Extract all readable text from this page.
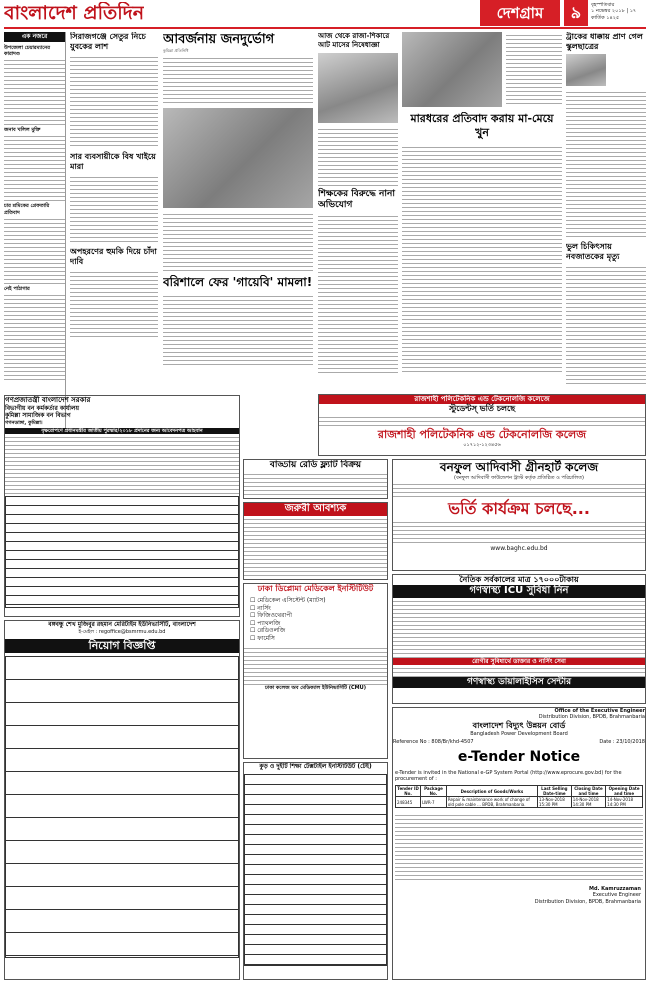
বাংলাদেশ প্রতিদিন	দেশগ্রাম	৯	বৃহস্পতিবার
১ নভেম্বর ২০১৮ | ১৭ কার্তিক ১৪২৫
এক নজরে
উপজেলা চেয়ারম্যানের কারাদণ্ড
জনাব খলিল মুক্তি
চার শ্রমিকের গ্রেফতারি প্রতিবাদ
নেই পাঠাগার
সিরাজগঞ্জে সেতুর নিচে যুবকের লাশ
সার ব্যবসায়ীকে বিষ খাইয়ে মারা
অপহরণের হুমকি দিয়ে চাঁদা দাবি
আবর্জনায় জনদুর্ভোগ
কুমিল্লা প্রতিনিধি
বরিশালে ফের 'গায়েবি' মামলা!
আজ থেকে রাজা-শিকারে আট মাসের নিষেধাজ্ঞা
শিক্ষকের বিরুদ্ধে নানা অভিযোগ
মারধরের প্রতিবাদ করায় মা-মেয়ে খুন
ট্রাকের ধাক্কায় প্রাণ গেল স্কুলছাত্রের
ভুল চিকিৎসায় নবজাতকের মৃত্যু
রাজশাহী পলিটেকনিক এন্ড টেকনোলজি কলেজে
স্টুডেন্টস্ ভর্তি চলছে
রাজশাহী পলিটেকনিক এন্ড টেকনোলজি কলেজ
০১৭১২-১২৩৪৫৬
গণপ্রজাতন্ত্রী বাংলাদেশ সরকার
বিভাগীয় বন কর্মকর্তার কার্যালয়
কুমিল্লা সামাজিক বন বিভাগ
গগনডাঙ্গা, কুমিল্লা।
বৃক্ষরোপণে প্রধানমন্ত্রীর জাতীয় পুরস্কার/২০১৮ প্রদানের জন্য আবেদনপত্র আহবান
বাড্ডায় রেডি ফ্ল্যাট বিক্রয়
জরুরী আবশ্যক
বনফুল আদিবাসী গ্রীনহার্ট কলেজ
(বনফুল আদিবাসী ফাউন্ডেশন ট্রাস্ট কর্তৃক প্রতিষ্ঠিত ও পরিচালিত)
ভর্তি কার্যক্রম চলছে...
www.baghc.edu.bd
ঢাকা ডিপ্লোমা মেডিকেল ইনস্টিটিউট
☐ মেডিকেল এসিস্টেন্ট (ম্যাটস)
☐ নার্সিং
☐ ফিজিওথেরাপী
☐ প্যাথলজি
☐ রেডিওলজি
☐ ফার্মেসি
ঢাকা কলেজ অব মেডিক্যাল ইউনিভার্সিটি (CMU)
নৈতিক সর্বকালের মাত্র ১৭০০০টাকায়
গণস্বাস্থ্য ICU সুবিধা নিন
রোগীর সুবিধার্থে ডাক্তার ও নার্সিং সেবা
গণস্বাস্থ্য ডায়ালাইসিস সেন্টার
বঙ্গবন্ধু শেখ মুজিবুর রহমান মেরিটাইম ইউনিভার্সিটি, বাংলাদেশ
ই-মেইল : regoffice@bsmrmu.edu.bd
নিয়োগ বিজ্ঞপ্তি
কুড় ও দুইটি শিক্ষা টেক্সটাইল ইনস্টিটিউট (টেই)
Office of the Executive Engineer
Distribution Division, BPDB, Brahmanbaria
বাংলাদেশ বিদ্যুৎ উন্নয়ন বোর্ড
Bangladesh Power Development Board
Reference No : 808/Br/khd-4507	Date : 23/10/2018
e-Tender Notice
e-Tender is invited in the National e-GP System Portal (http://www.eprocure.gov.bd) for the procurement of :
Tender ID No.	Package No.	Description of Goods/Works	Last Selling Date-time	Closing Date and time	Opening Date and time
248345	LWR-7	Repair & maintenance work of change of old pole cable ... BPDB, Brahmanbaria.	13-Nov-2018 15:30 PM	14-Nov-2018 14:30 PM	14-Nov-2018 14:30 PM
Md. Kamruzzaman
Executive Engineer
Distribution Division, BPDB, Brahmanbaria
